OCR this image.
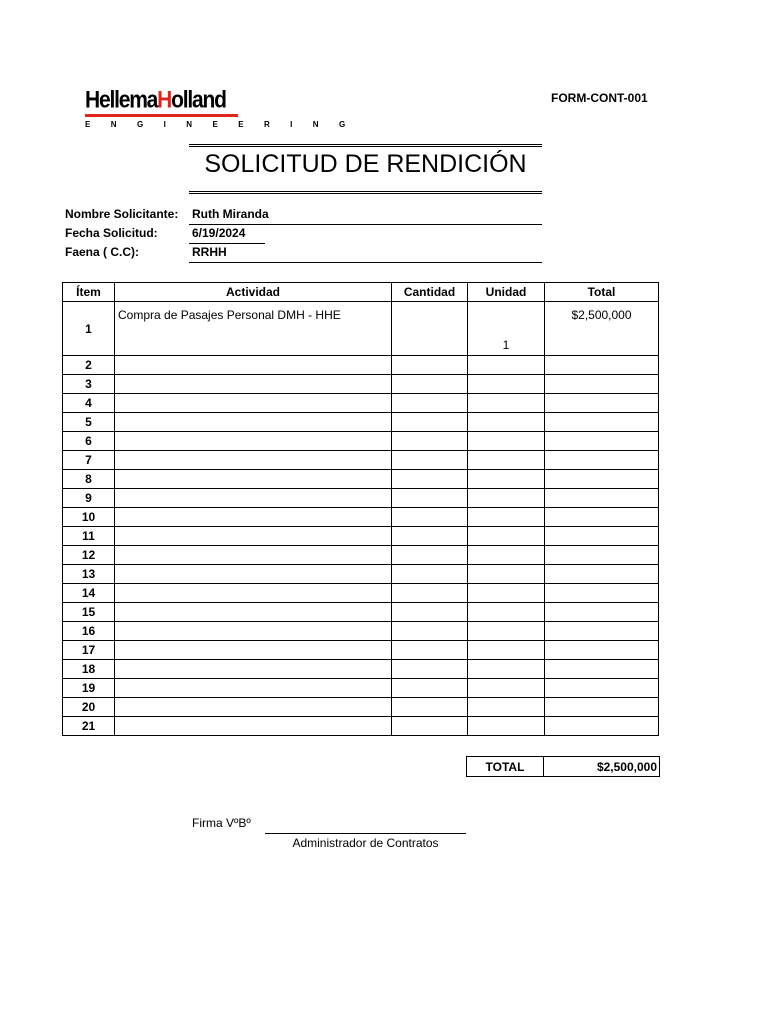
HellemaHolland
E N G I N E E R I N G
FORM-CONT-001
SOLICITUD DE RENDICIÓN
Nombre Solicitante: Ruth Miranda
Fecha Solicitud:	6/19/2024
Faena ( C.C):	RRHH
Ítem	Actividad	Cantidad	Unidad	Total
1	Compra de Pasajes Personal DMH - HHE		1	$2,500,000
2				
3				
4				
5				
6				
7				
8				
9				
10				
11				
12				
13				
14				
15				
16				
17				
18				
19				
20				
21				
TOTAL	$2,500,000
Firma VºBº
Administrador de Contratos
